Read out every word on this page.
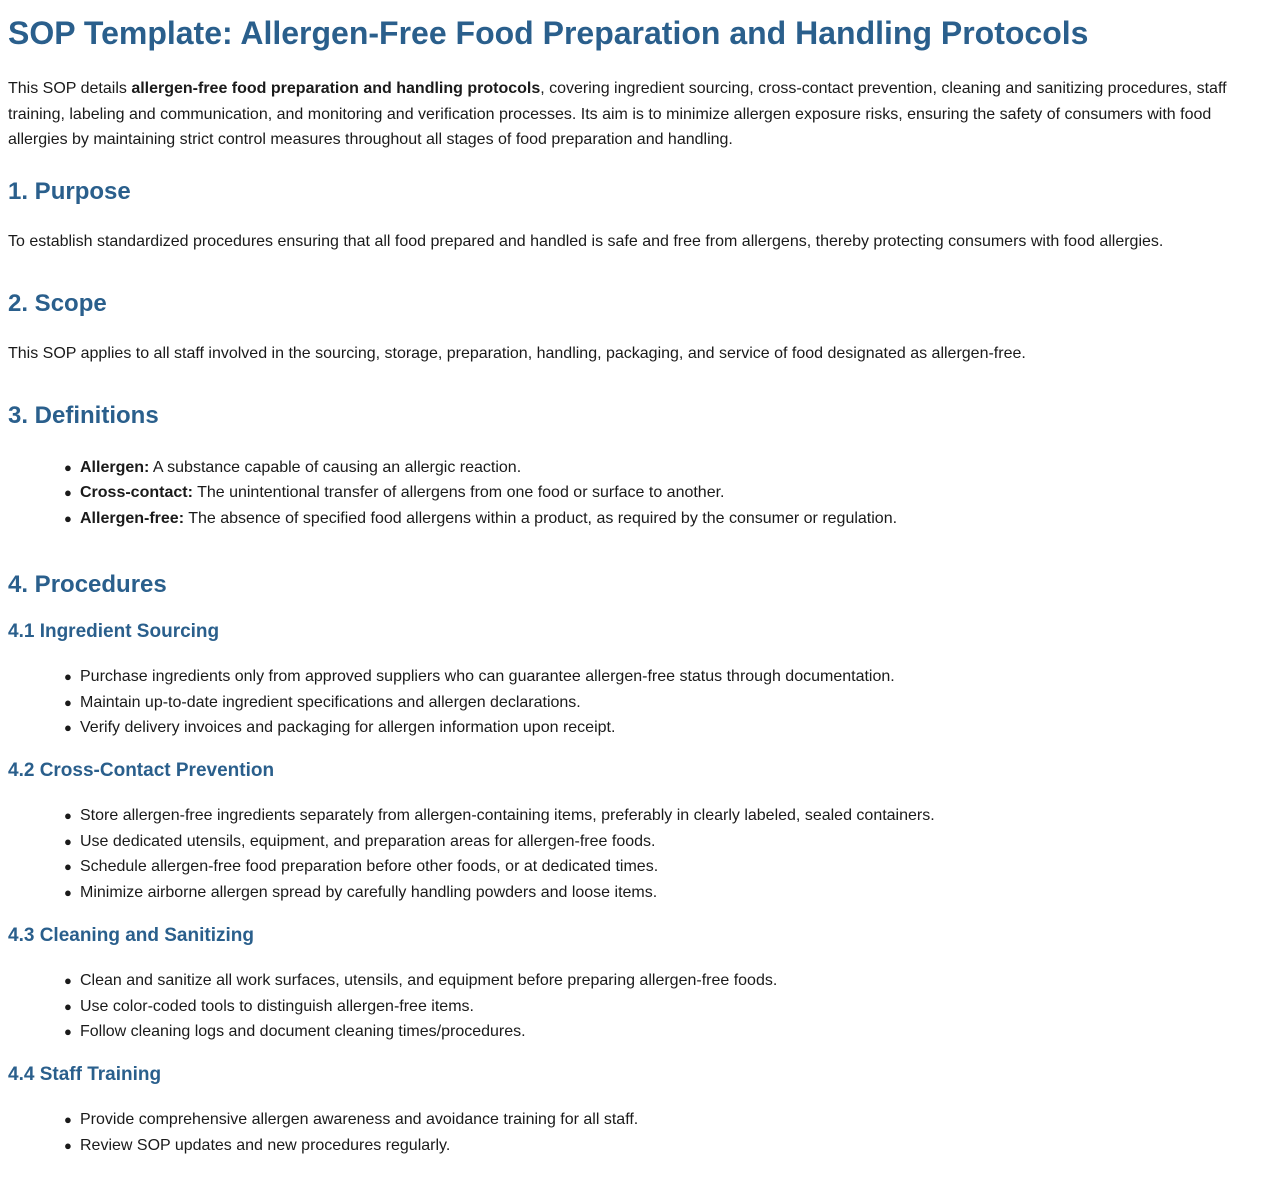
SOP Template: Allergen-Free Food Preparation and Handling Protocols

This SOP details allergen-free food preparation and handling protocols, covering ingredient sourcing, cross-contact prevention, cleaning and sanitizing procedures, staff training, labeling and communication, and monitoring and verification processes. Its aim is to minimize allergen exposure risks, ensuring the safety of consumers with food allergies by maintaining strict control measures throughout all stages of food preparation and handling.

1. Purpose

To establish standardized procedures ensuring that all food prepared and handled is safe and free from allergens, thereby protecting consumers with food allergies.

2. Scope

This SOP applies to all staff involved in the sourcing, storage, preparation, handling, packaging, and service of food designated as allergen-free.

3. Definitions
● Allergen: A substance capable of causing an allergic reaction.
● Cross-contact: The unintentional transfer of allergens from one food or surface to another.
● Allergen-free: The absence of specified food allergens within a product, as required by the consumer or regulation.
4. Procedures
4.1 Ingredient Sourcing
● Purchase ingredients only from approved suppliers who can guarantee allergen-free status through documentation.
● Maintain up-to-date ingredient specifications and allergen declarations.
● Verify delivery invoices and packaging for allergen information upon receipt.
4.2 Cross-Contact Prevention
● Store allergen-free ingredients separately from allergen-containing items, preferably in clearly labeled, sealed containers.
● Use dedicated utensils, equipment, and preparation areas for allergen-free foods.
● Schedule allergen-free food preparation before other foods, or at dedicated times.
● Minimize airborne allergen spread by carefully handling powders and loose items.
4.3 Cleaning and Sanitizing
● Clean and sanitize all work surfaces, utensils, and equipment before preparing allergen-free foods.
● Use color-coded tools to distinguish allergen-free items.
● Follow cleaning logs and document cleaning times/procedures.
4.4 Staff Training
● Provide comprehensive allergen awareness and avoidance training for all staff.
● Review SOP updates and new procedures regularly.
